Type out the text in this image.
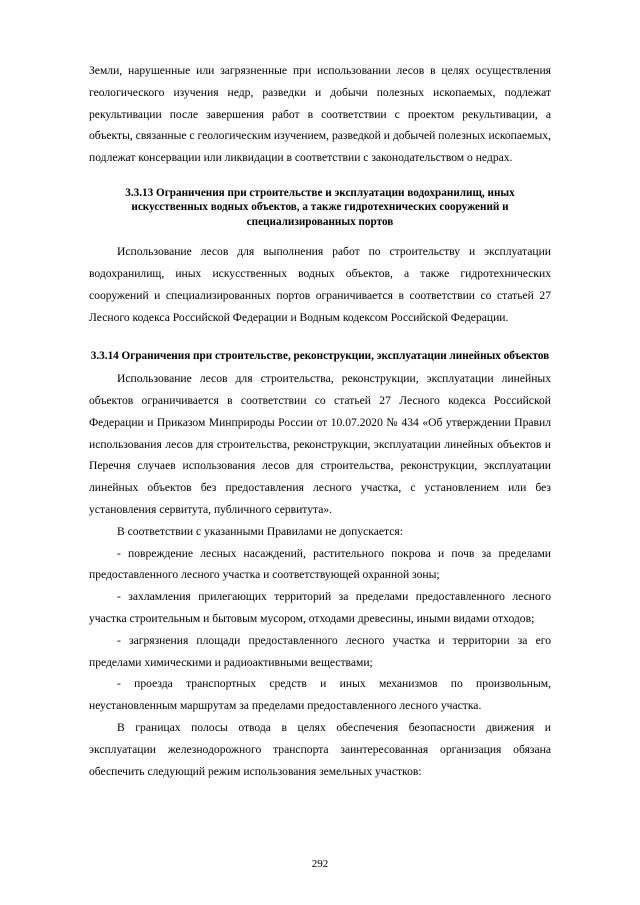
Земли, нарушенные или загрязненные при использовании лесов в целях осуществления геологического изучения недр, разведки и добычи полезных ископаемых, подлежат рекультивации после завершения работ в соответствии с проектом рекультивации, а объекты, связанные с геологическим изучением, разведкой и добычей полезных ископаемых, подлежат консервации или ликвидации в соответствии с законодательством о недрах.

3.3.13 Ограничения при строительстве и эксплуатации водохранилищ, иных искусственных водных объектов, а также гидротехнических сооружений и специализированных портов

Использование лесов для выполнения работ по строительству и эксплуатации водохранилищ, иных искусственных водных объектов, а также гидротехнических сооружений и специализированных портов ограничивается в соответствии со статьей 27 Лесного кодекса Российской Федерации и Водным кодексом Российской Федерации.

3.3.14 Ограничения при строительстве, реконструкции, эксплуатации линейных объектов

Использование лесов для строительства, реконструкции, эксплуатации линейных объектов ограничивается в соответствии со статьей 27 Лесного кодекса Российской Федерации и Приказом Минприроды России от 10.07.2020 № 434 «Об утверждении Правил использования лесов для строительства, реконструкции, эксплуатации линейных объектов и Перечня случаев использования лесов для строительства, реконструкции, эксплуатации линейных объектов без предоставления лесного участка, с установлением или без установления сервитута, публичного сервитута».

В соответствии с указанными Правилами не допускается:

- повреждение лесных насаждений, растительного покрова и почв за пределами предоставленного лесного участка и соответствующей охранной зоны;

- захламления прилегающих территорий за пределами предоставленного лесного участка строительным и бытовым мусором, отходами древесины, иными видами отходов;

- загрязнения площади предоставленного лесного участка и территории за его пределами химическими и радиоактивными веществами;

- проезда транспортных средств и иных механизмов по произвольным, неустановленным маршрутам за пределами предоставленного лесного участка.

В границах полосы отвода в целях обеспечения безопасности движения и эксплуатации железнодорожного транспорта заинтересованная организация обязана обеспечить следующий режим использования земельных участков:

292
